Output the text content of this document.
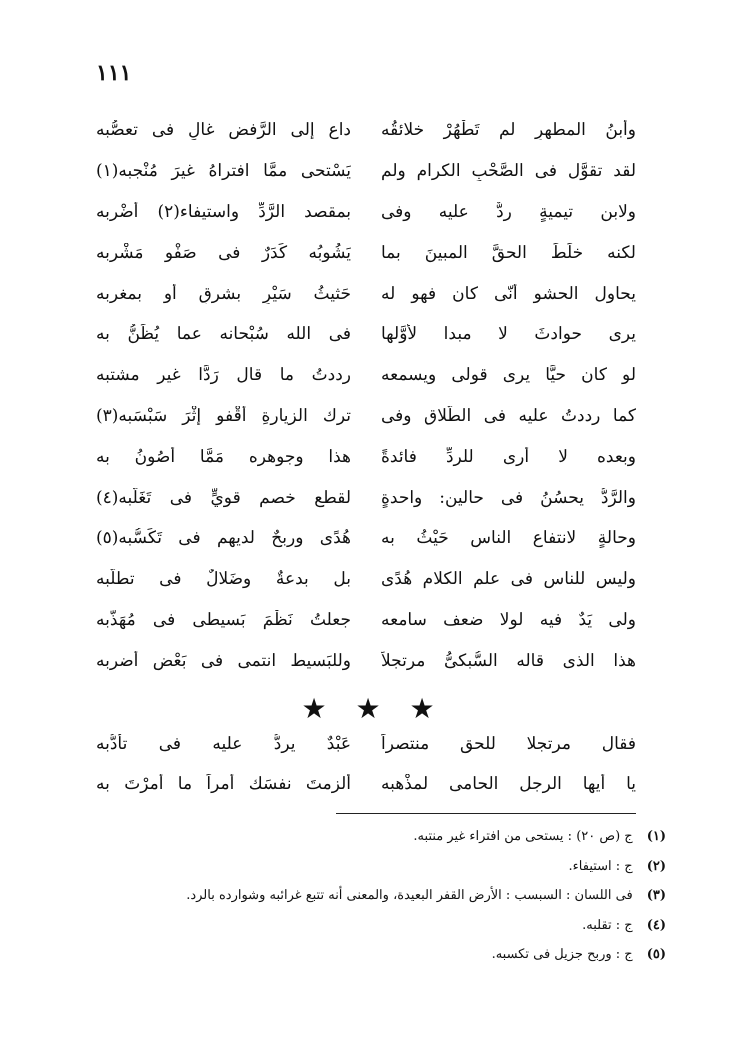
١١١
وأبنُ المطهرِ لم تَطْهُرْ خلائقُه
داعٍ إلى الرَّفضِ غالٍ فى تعصُّبه
لقد تقوَّل فى الصَّحْبِ الكرامِ ولم
يَسْتحى ممَّا افتراهُ غيرَ مُنْجبه(١)
ولابن تيميةٍ ردٌّ عليه وفى
بمقصد الرَّدِّ واستيفاء(٢) أضْربه
لكنه خلَطَ الحقَّ المبينَ بما
يَشُوبُه كَدَرٌ فى صَفْو مَشْربه
يحاول الحشو أنّى كان فهو له
حَثيثُ سَيْرٍ بشرقٍ أو بمغربه
يرى حوادثَ لا مبدا لأوَّلها
فى الله سُبْحانه عما يُظَنُّ به
لو كان حيًّا يرى قولى ويسمعه
رددتُ ما قال رَدًّا غير مشتبه
كما رددتُ عليه فى الطَّلاق وفى
ترك الزيارةِ أقْفو إثْرَ سَبْسَبه(٣)
وبعده لا أرى للردِّ فائدةً
هذا وجوهره مَمَّا أصُونُ به
والرَّدُّ يحسُنُ فى حالين: واحدةٍ
لقطع خصمٍ قويٍّ فى تَغَلُّبه(٤)
وحالةٍ لانتفاع الناس حَيْثُ به
هُدًى وربحٌ لديهم فى تَكَسُّبه(٥)
وليس للناس فى علم الكلام هُدًى
بل بدعةٌ وضَلالٌ فى تطلُّبه
ولى يَدٌ فيه لولا ضعف سامعه
جعلتُ نَظْمَ بَسيطى فى مُهَذَّبه
هذا الذى قاله السُّبكىُّ مرتجلاً
وللبَسيط انتمى فى بَعْضِ أضربه
★ ★ ★
فقال مرتجلا للحق منتصراً
عَبْدٌ يردُّ عليه فى تأدُّبه
يا أيها الرجل الحامى لمذْهبه
ألزمتَ نفسَك أمراً ما أُمرْتَ به
(١)
ج (ص ٢٠) : يستحى من افتراء غير منتبه.
(٢)
ج : استيفاء.
(٣)
فى اللسان : السبسب : الأرض القفر البعيدة، والمعنى أنه تتبع غرائبه وشوارده بالرد.
(٤)
ج : تقلبه.
(٥)
ج : وربح جزيل فى تكسبه.
